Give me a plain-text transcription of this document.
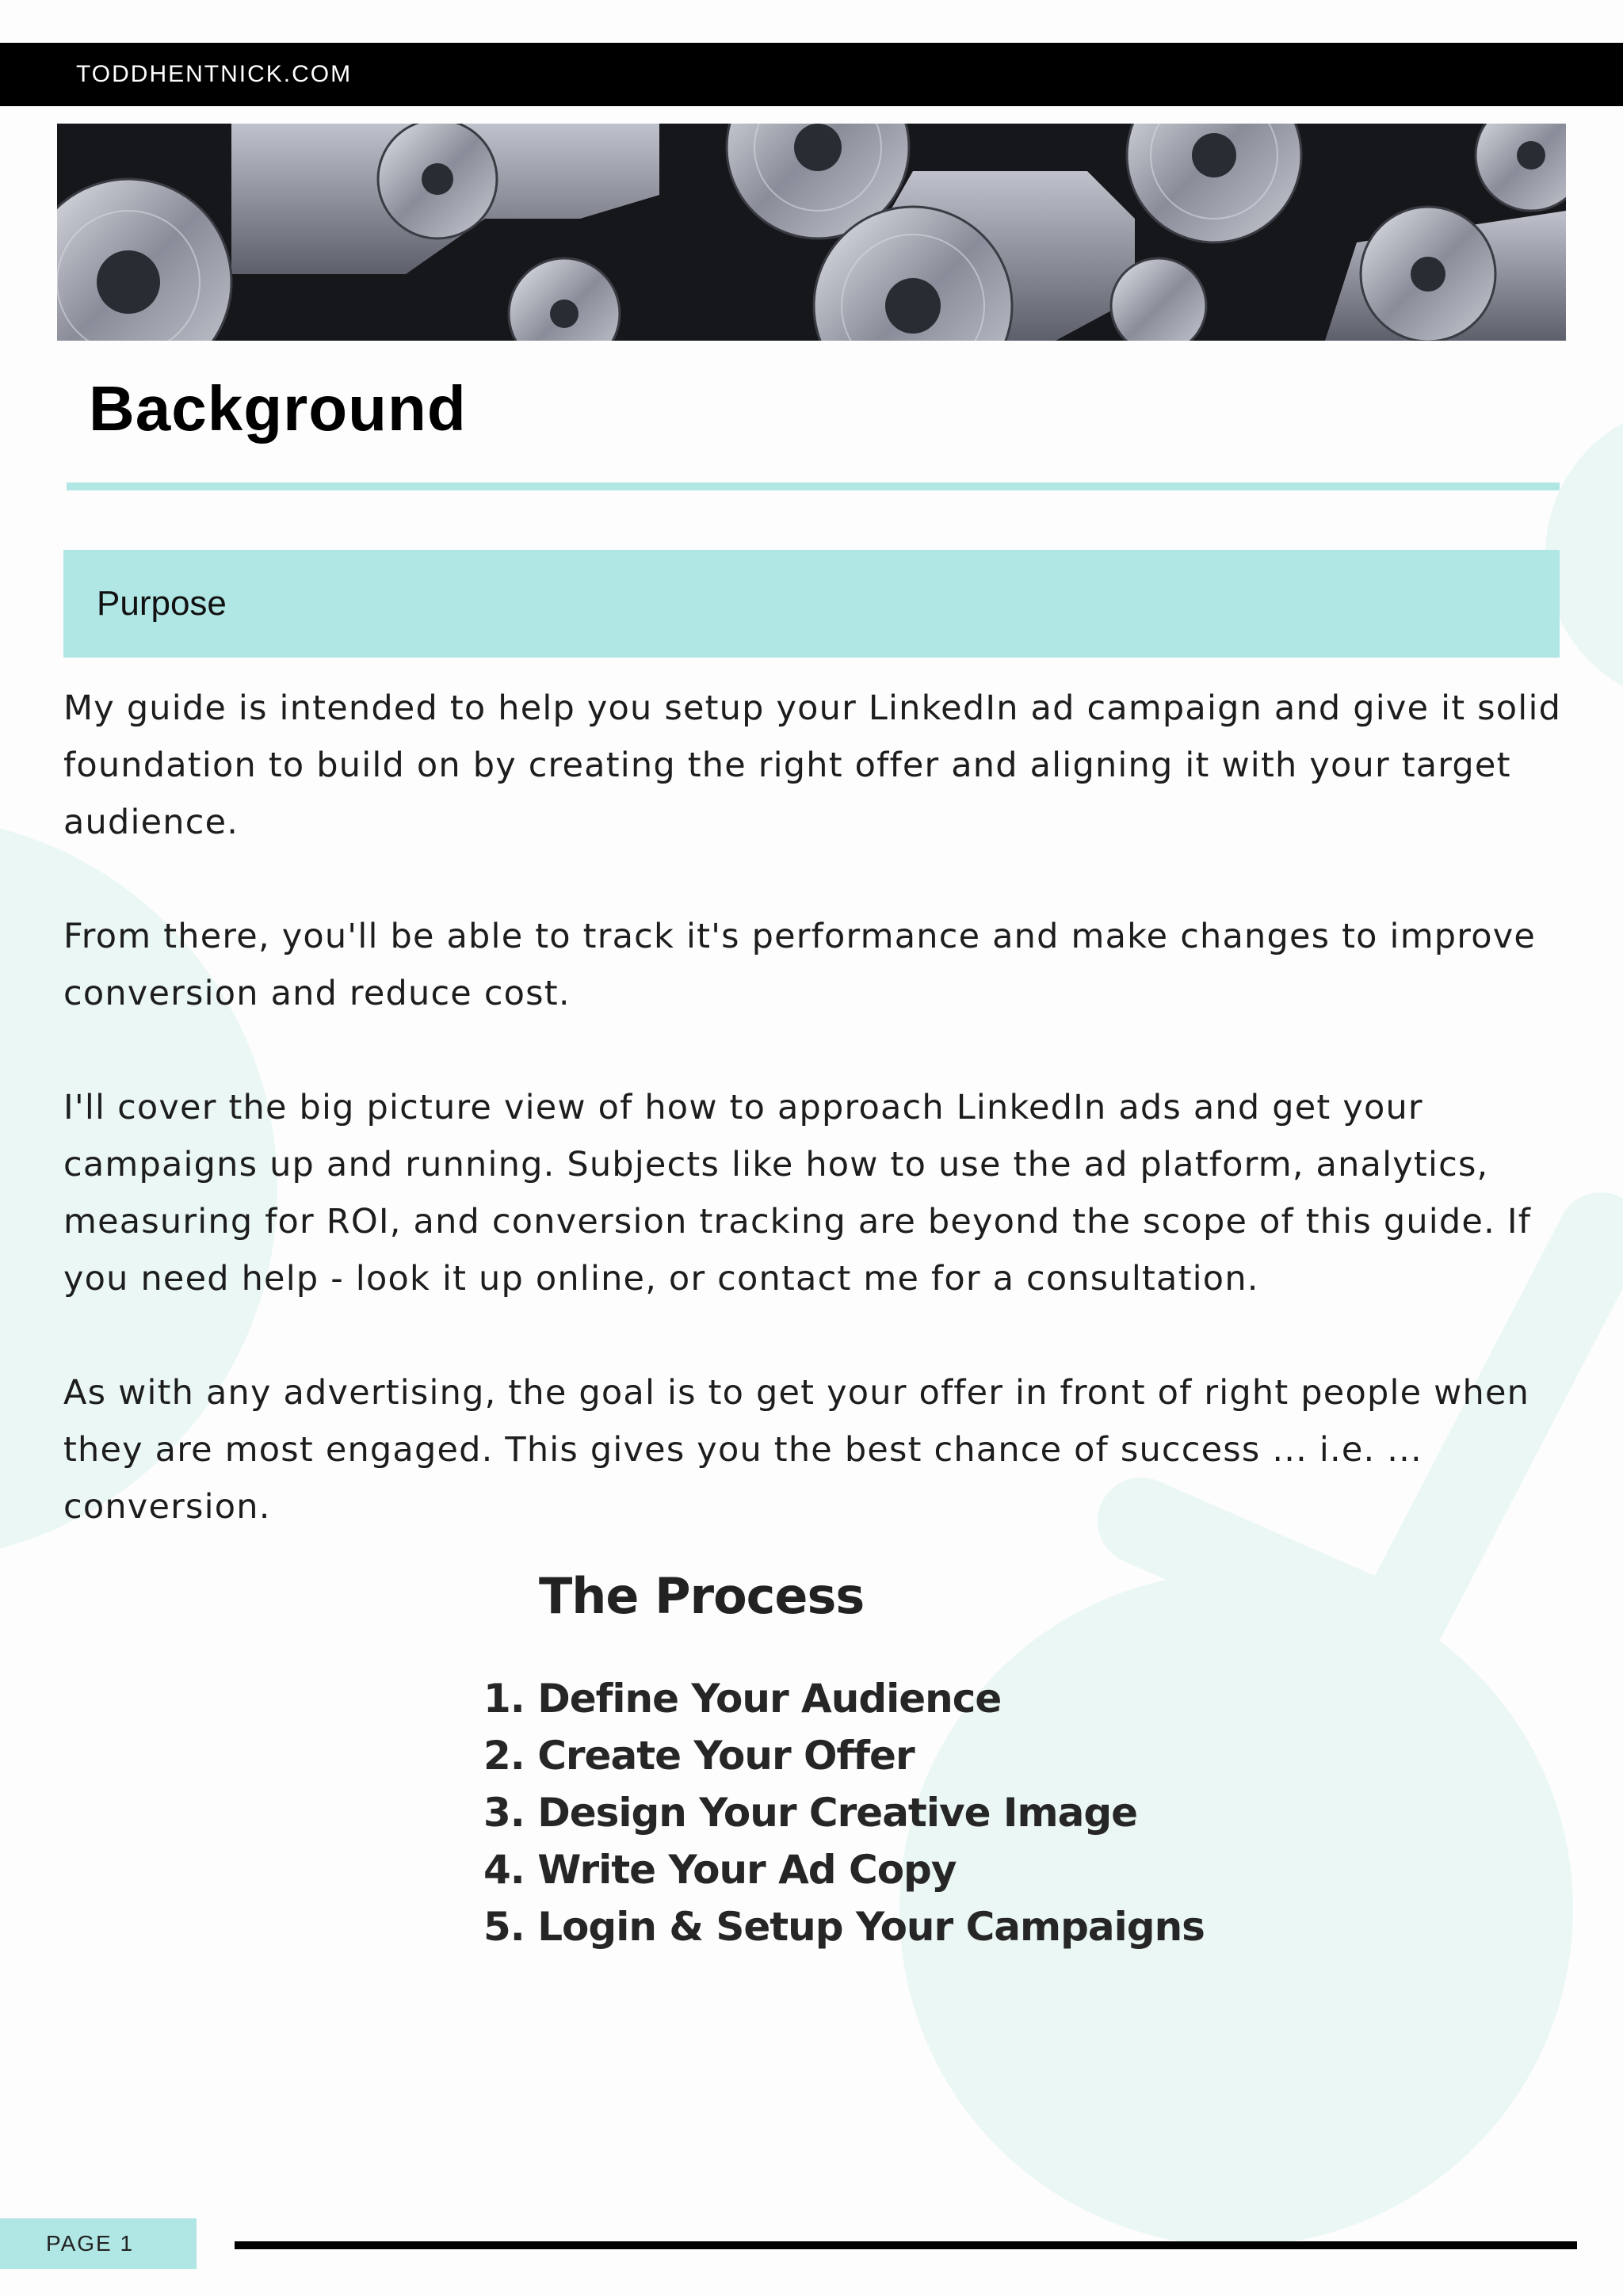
TODDHENTNICK.COM
Background
Purpose

My guide is intended to help you setup your LinkedIn ad campaign and give it solid foundation to build on by creating the right offer and aligning it with your target audience.

From there, you'll be able to track it's performance and make changes to improve conversion and reduce cost.

I'll cover the big picture view of how to approach LinkedIn ads and get your campaigns up and running. Subjects like how to use the ad platform, analytics, measuring for ROI, and conversion tracking are beyond the scope of this guide. If you need help - look it up online, or contact me for a consultation.

As with any advertising, the goal is to get your offer in front of right people when they are most engaged. This gives you the best chance of success ... i.e. ... conversion.

The Process
1. Define Your Audience
2. Create Your Offer
3. Design Your Creative Image
4. Write Your Ad Copy
5. Login & Setup Your Campaigns
PAGE 1
